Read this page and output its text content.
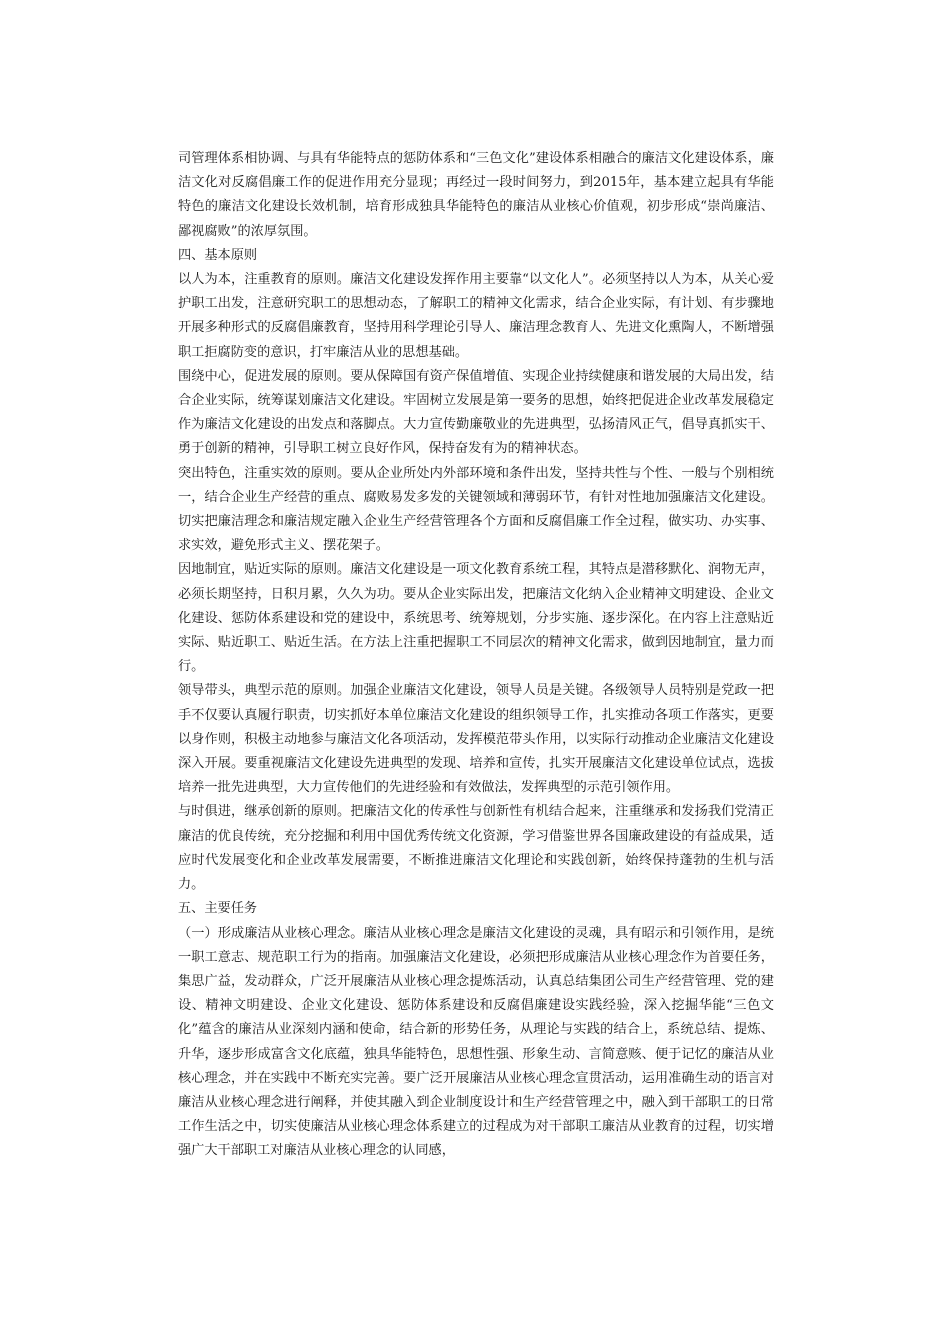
司管理体系相协调、与具有华能特点的惩防体系和“三色文化”建设体系相融合的廉洁文化建设体系，廉洁文化对反腐倡廉工作的促进作用充分显现；再经过一段时间努力，到2015年，基本建立起具有华能特色的廉洁文化建设长效机制，培育形成独具华能特色的廉洁从业核心价值观，初步形成“崇尚廉洁、鄙视腐败”的浓厚氛围。

四、基本原则

以人为本，注重教育的原则。廉洁文化建设发挥作用主要靠“以文化人”。必须坚持以人为本，从关心爱护职工出发，注意研究职工的思想动态，了解职工的精神文化需求，结合企业实际，有计划、有步骤地开展多种形式的反腐倡廉教育，坚持用科学理论引导人、廉洁理念教育人、先进文化熏陶人，不断增强职工拒腐防变的意识，打牢廉洁从业的思想基础。

围绕中心，促进发展的原则。要从保障国有资产保值增值、实现企业持续健康和谐发展的大局出发，结合企业实际，统筹谋划廉洁文化建设。牢固树立发展是第一要务的思想，始终把促进企业改革发展稳定作为廉洁文化建设的出发点和落脚点。大力宣传勤廉敬业的先进典型，弘扬清风正气，倡导真抓实干、勇于创新的精神，引导职工树立良好作风，保持奋发有为的精神状态。

突出特色，注重实效的原则。要从企业所处内外部环境和条件出发，坚持共性与个性、一般与个别相统一，结合企业生产经营的重点、腐败易发多发的关键领域和薄弱环节，有针对性地加强廉洁文化建设。切实把廉洁理念和廉洁规定融入企业生产经营管理各个方面和反腐倡廉工作全过程，做实功、办实事、求实效，避免形式主义、摆花架子。

因地制宜，贴近实际的原则。廉洁文化建设是一项文化教育系统工程，其特点是潜移默化、润物无声，必须长期坚持，日积月累，久久为功。要从企业实际出发，把廉洁文化纳入企业精神文明建设、企业文化建设、惩防体系建设和党的建设中，系统思考、统筹规划，分步实施、逐步深化。在内容上注意贴近实际、贴近职工、贴近生活。在方法上注重把握职工不同层次的精神文化需求，做到因地制宜，量力而行。

领导带头，典型示范的原则。加强企业廉洁文化建设，领导人员是关键。各级领导人员特别是党政一把手不仅要认真履行职责，切实抓好本单位廉洁文化建设的组织领导工作，扎实推动各项工作落实，更要以身作则，积极主动地参与廉洁文化各项活动，发挥模范带头作用，以实际行动推动企业廉洁文化建设深入开展。要重视廉洁文化建设先进典型的发现、培养和宣传，扎实开展廉洁文化建设单位试点，选拔培养一批先进典型，大力宣传他们的先进经验和有效做法，发挥典型的示范引领作用。

与时俱进，继承创新的原则。把廉洁文化的传承性与创新性有机结合起来，注重继承和发扬我们党清正廉洁的优良传统，充分挖掘和利用中国优秀传统文化资源，学习借鉴世界各国廉政建设的有益成果，适应时代发展变化和企业改革发展需要，不断推进廉洁文化理论和实践创新，始终保持蓬勃的生机与活力。

五、主要任务

（一）形成廉洁从业核心理念。廉洁从业核心理念是廉洁文化建设的灵魂，具有昭示和引领作用，是统一职工意志、规范职工行为的指南。加强廉洁文化建设，必须把形成廉洁从业核心理念作为首要任务，集思广益，发动群众，广泛开展廉洁从业核心理念提炼活动，认真总结集团公司生产经营管理、党的建设、精神文明建设、企业文化建设、惩防体系建设和反腐倡廉建设实践经验，深入挖掘华能“三色文化”蕴含的廉洁从业深刻内涵和使命，结合新的形势任务，从理论与实践的结合上，系统总结、提炼、升华，逐步形成富含文化底蕴，独具华能特色，思想性强、形象生动、言简意赅、便于记忆的廉洁从业核心理念，并在实践中不断充实完善。要广泛开展廉洁从业核心理念宣贯活动，运用准确生动的语言对廉洁从业核心理念进行阐释，并使其融入到企业制度设计和生产经营管理之中，融入到干部职工的日常工作生活之中，切实使廉洁从业核心理念体系建立的过程成为对干部职工廉洁从业教育的过程，切实增强广大干部职工对廉洁从业核心理念的认同感，
